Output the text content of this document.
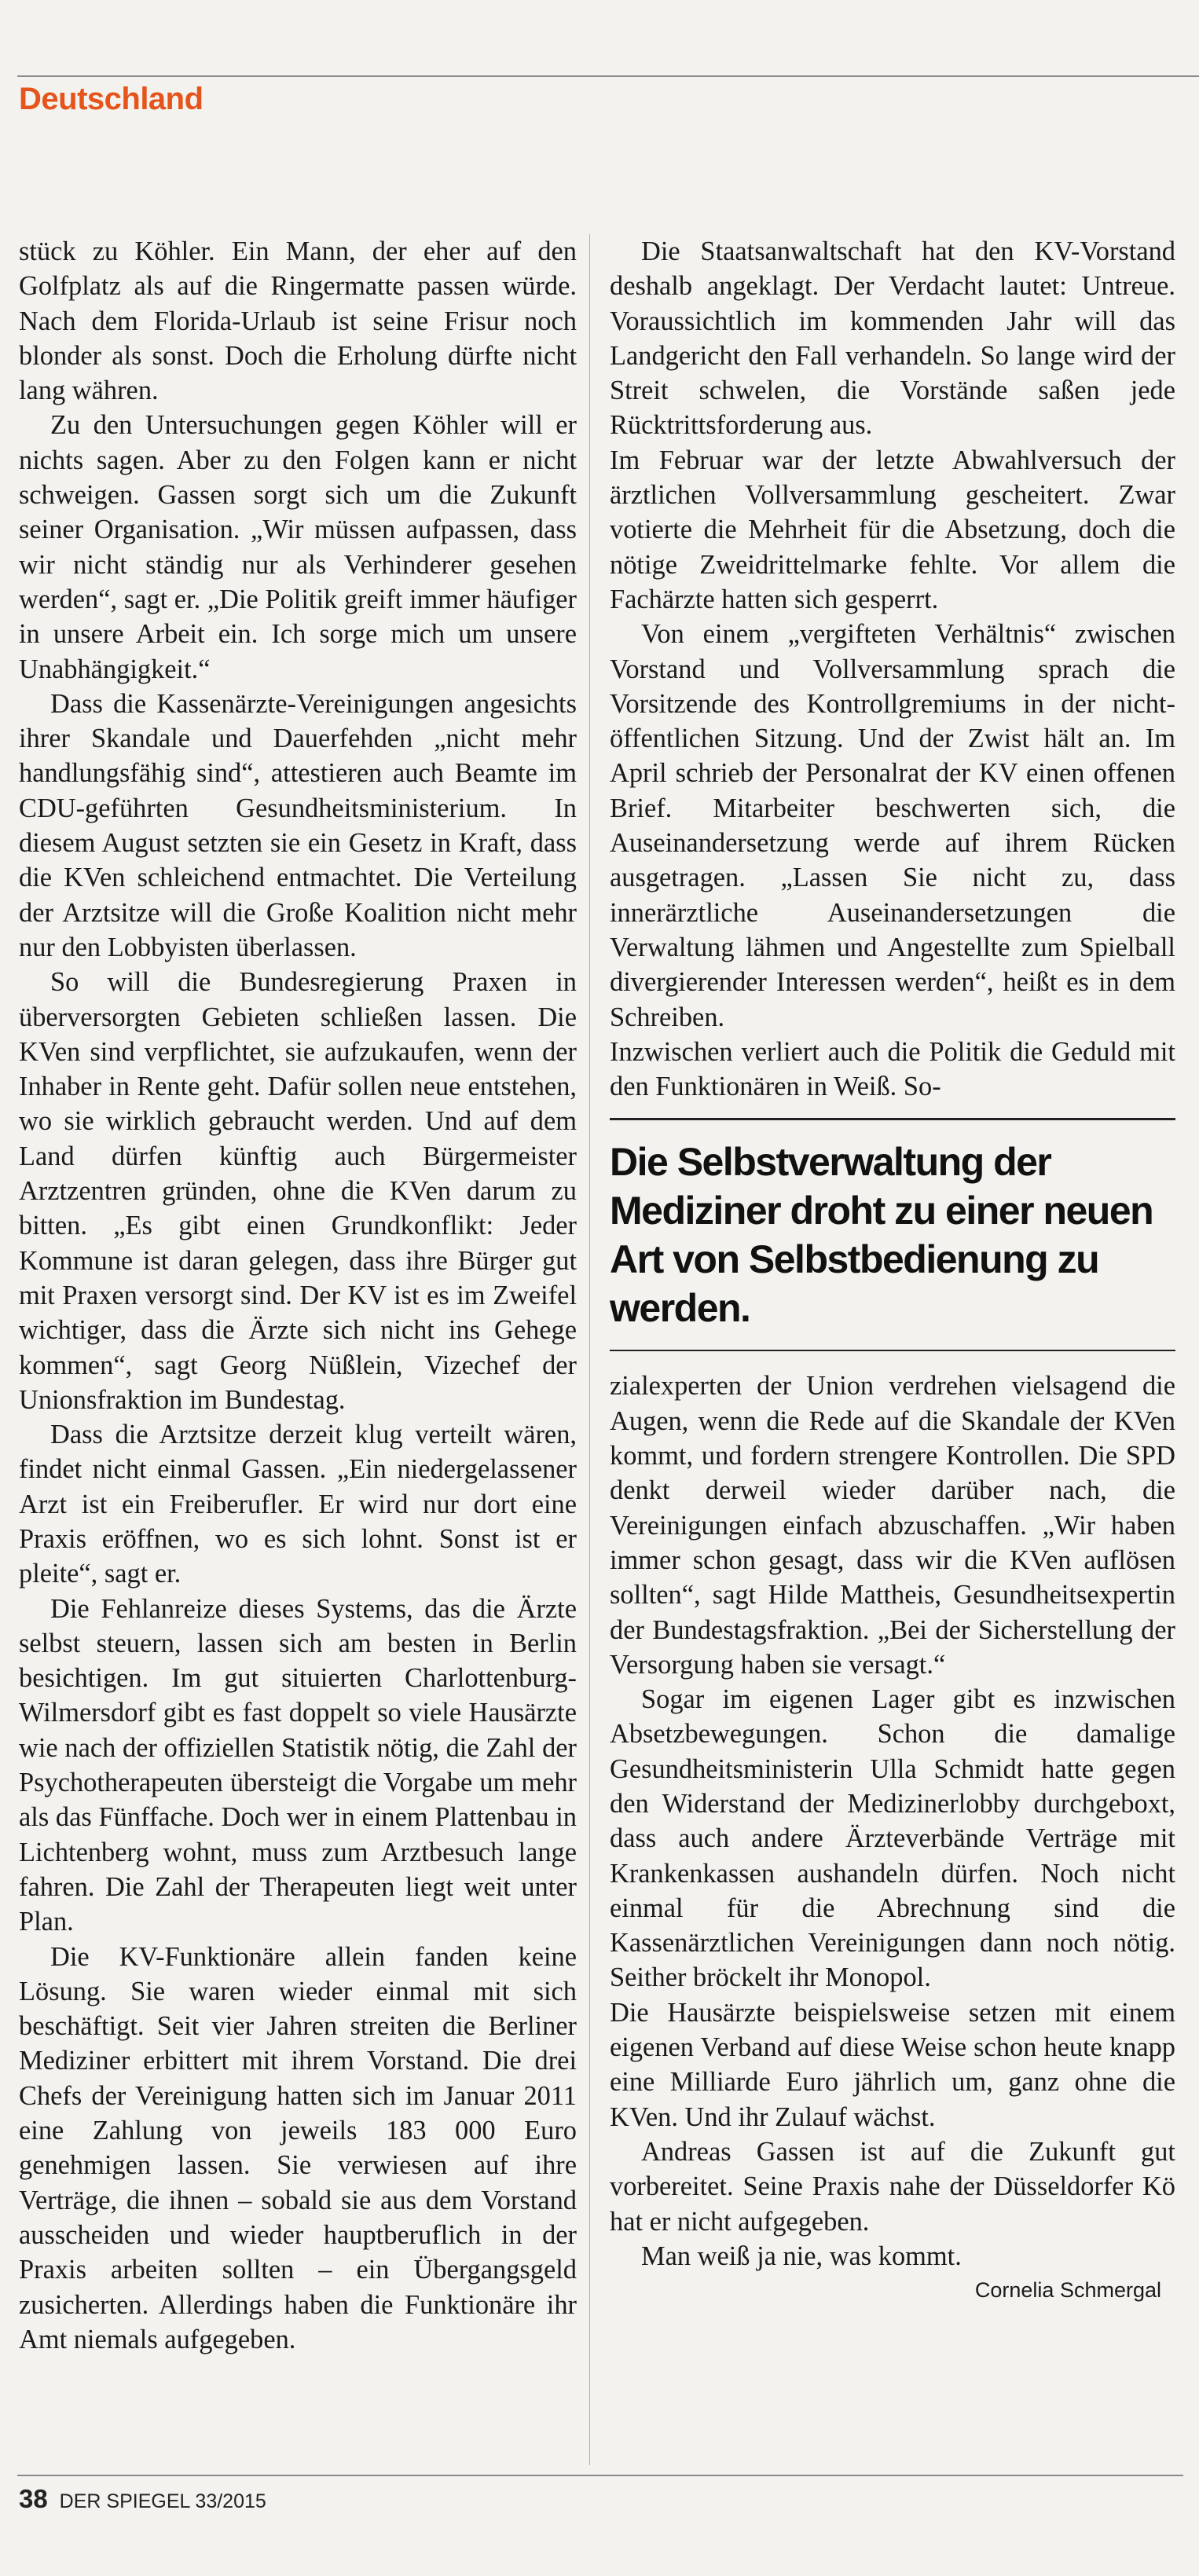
Deutschland

stück zu Köhler. Ein Mann, der eher auf den Golfplatz als auf die Ringermatte passen würde. Nach dem Florida-Urlaub ist seine Frisur noch blonder als sonst. Doch die Erholung dürfte nicht lang währen.

Zu den Untersuchungen gegen Köhler will er nichts sagen. Aber zu den Folgen kann er nicht schweigen. Gassen sorgt sich um die Zukunft seiner Organisation. „Wir müssen aufpassen, dass wir nicht ständig nur als Verhinderer gesehen werden“, sagt er. „Die Politik greift immer häufiger in unsere Arbeit ein. Ich sorge mich um unsere Unabhängigkeit.“

Dass die Kassenärzte-Vereinigungen angesichts ihrer Skandale und Dauerfehden „nicht mehr handlungsfähig sind“, attestieren auch Beamte im CDU-geführten Gesundheitsministerium. In diesem August setzten sie ein Gesetz in Kraft, dass die KVen schleichend entmachtet. Die Verteilung der Arztsitze will die Große Koalition nicht mehr nur den Lobbyisten überlassen.

So will die Bundesregierung Praxen in überversorgten Gebieten schließen lassen. Die KVen sind verpflichtet, sie aufzukaufen, wenn der Inhaber in Rente geht. Dafür sollen neue entstehen, wo sie wirklich gebraucht werden. Und auf dem Land dürfen künftig auch Bürgermeister Arztzentren gründen, ohne die KVen darum zu bitten. „Es gibt einen Grundkonflikt: Jeder Kommune ist daran gelegen, dass ihre Bürger gut mit Praxen versorgt sind. Der KV ist es im Zweifel wichtiger, dass die Ärzte sich nicht ins Gehege kommen“, sagt Georg Nüßlein, Vizechef der Unionsfraktion im Bundestag.

Dass die Arztsitze derzeit klug verteilt wären, findet nicht einmal Gassen. „Ein niedergelassener Arzt ist ein Freiberufler. Er wird nur dort eine Praxis eröffnen, wo es sich lohnt. Sonst ist er pleite“, sagt er.

Die Fehlanreize dieses Systems, das die Ärzte selbst steuern, lassen sich am besten in Berlin besichtigen. Im gut situierten Charlottenburg-Wilmersdorf gibt es fast doppelt so viele Hausärzte wie nach der offiziellen Statistik nötig, die Zahl der Psychotherapeuten übersteigt die Vorgabe um mehr als das Fünffache. Doch wer in einem Plattenbau in Lichtenberg wohnt, muss zum Arztbesuch lange fahren. Die Zahl der Therapeuten liegt weit unter Plan.

Die KV-Funktionäre allein fanden keine Lösung. Sie waren wieder einmal mit sich beschäftigt. Seit vier Jahren streiten die Berliner Mediziner erbittert mit ihrem Vorstand. Die drei Chefs der Vereinigung hatten sich im Januar 2011 eine Zahlung von jeweils 183 000 Euro genehmigen lassen. Sie verwiesen auf ihre Verträge, die ihnen – sobald sie aus dem Vorstand ausscheiden und wieder hauptberuflich in der Praxis arbeiten sollten – ein Übergangsgeld zusicherten. Allerdings haben die Funktionäre ihr Amt niemals aufgegeben.

Die Staatsanwaltschaft hat den KV-Vorstand deshalb angeklagt. Der Verdacht lautet: Untreue. Voraussichtlich im kommenden Jahr will das Landgericht den Fall verhandeln. So lange wird der Streit schwelen, die Vorstände saßen jede Rücktrittsforderung aus.

Im Februar war der letzte Abwahlversuch der ärztlichen Vollversammlung gescheitert. Zwar votierte die Mehrheit für die Absetzung, doch die nötige Zweidrittelmarke fehlte. Vor allem die Fachärzte hatten sich gesperrt.

Von einem „vergifteten Verhältnis“ zwischen Vorstand und Vollversammlung sprach die Vorsitzende des Kontrollgremiums in der nicht-öffentlichen Sitzung. Und der Zwist hält an. Im April schrieb der Personalrat der KV einen offenen Brief. Mitarbeiter beschwerten sich, die Auseinandersetzung werde auf ihrem Rücken ausgetragen. „Lassen Sie nicht zu, dass innerärztliche Auseinandersetzungen die Verwaltung lähmen und Angestellte zum Spielball divergierender Interessen werden“, heißt es in dem Schreiben.

Inzwischen verliert auch die Politik die Geduld mit den Funktionären in Weiß. So-

Die Selbstverwaltung der Mediziner droht zu einer neuen Art von Selbstbedienung zu werden.

zialexperten der Union verdrehen vielsagend die Augen, wenn die Rede auf die Skandale der KVen kommt, und fordern strengere Kontrollen. Die SPD denkt derweil wieder darüber nach, die Vereinigungen einfach abzuschaffen. „Wir haben immer schon gesagt, dass wir die KVen auflösen sollten“, sagt Hilde Mattheis, Gesundheitsexpertin der Bundestagsfraktion. „Bei der Sicherstellung der Versorgung haben sie versagt.“

Sogar im eigenen Lager gibt es inzwischen Absetzbewegungen. Schon die damalige Gesundheitsministerin Ulla Schmidt hatte gegen den Widerstand der Medizinerlobby durchgeboxt, dass auch andere Ärzteverbände Verträge mit Krankenkassen aushandeln dürfen. Noch nicht einmal für die Abrechnung sind die Kassenärztlichen Vereinigungen dann noch nötig. Seither bröckelt ihr Monopol.

Die Hausärzte beispielsweise setzen mit einem eigenen Verband auf diese Weise schon heute knapp eine Milliarde Euro jährlich um, ganz ohne die KVen. Und ihr Zulauf wächst.

Andreas Gassen ist auf die Zukunft gut vorbereitet. Seine Praxis nahe der Düsseldorfer Kö hat er nicht aufgegeben.

Man weiß ja nie, was kommt.

Cornelia Schmergal
38 DER SPIEGEL 33/2015
